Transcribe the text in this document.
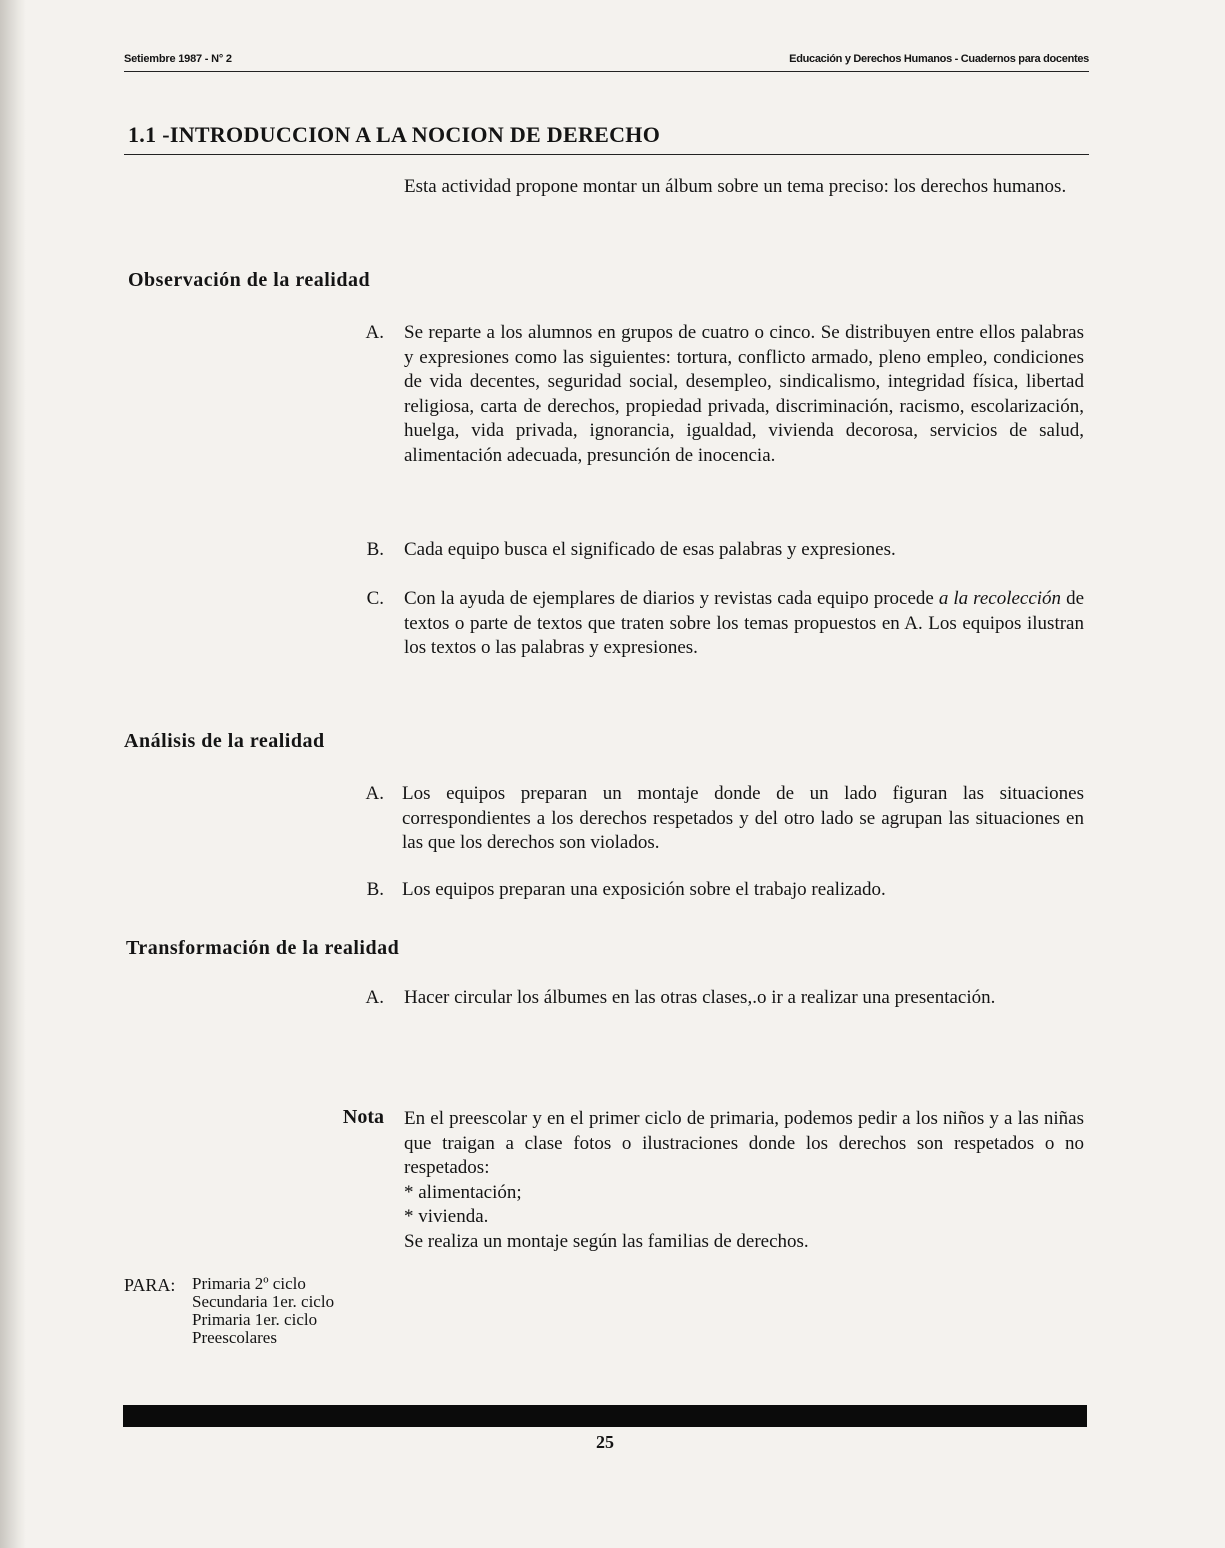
Setiembre 1987 - N° 2	Educación y Derechos Humanos - Cuadernos para docentes
1.1 -INTRODUCCION A LA NOCION DE DERECHO
Esta actividad propone montar un álbum sobre un tema preciso: los derechos humanos.
Observación de la realidad
A. Se reparte a los alumnos en grupos de cuatro o cinco. Se distribuyen entre ellos palabras y expresiones como las siguientes: tortura, conflicto armado, pleno empleo, condiciones de vida decentes, seguridad social, desempleo, sindicalismo, integridad física, libertad religiosa, carta de derechos, propiedad privada, discriminación, racismo, escolarización, huelga, vida privada, ignorancia, igualdad, vivienda decorosa, servicios de salud, alimentación adecuada, presunción de inocencia.
B. Cada equipo busca el significado de esas palabras y expresiones.
C. Con la ayuda de ejemplares de diarios y revistas cada equipo procede a la recolección de textos o parte de textos que traten sobre los temas propuestos en A. Los equipos ilustran los textos o las palabras y expresiones.
Análisis de la realidad
A. Los equipos preparan un montaje donde de un lado figuran las situaciones correspondientes a los derechos respetados y del otro lado se agrupan las situaciones en las que los derechos son violados.
B. Los equipos preparan una exposición sobre el trabajo realizado.
Transformación de la realidad
A. Hacer circular los álbumes en las otras clases,.o ir a realizar una presentación.
Nota En el preescolar y en el primer ciclo de primaria, podemos pedir a los niños y a las niñas que traigan a clase fotos o ilustraciones donde los derechos son respetados o no respetados:
* alimentación;
* vivienda.
Se realiza un montaje según las familias de derechos.
PARA: Primaria 2º ciclo
Secundaria 1er. ciclo
Primaria 1er. ciclo
Preescolares
25
